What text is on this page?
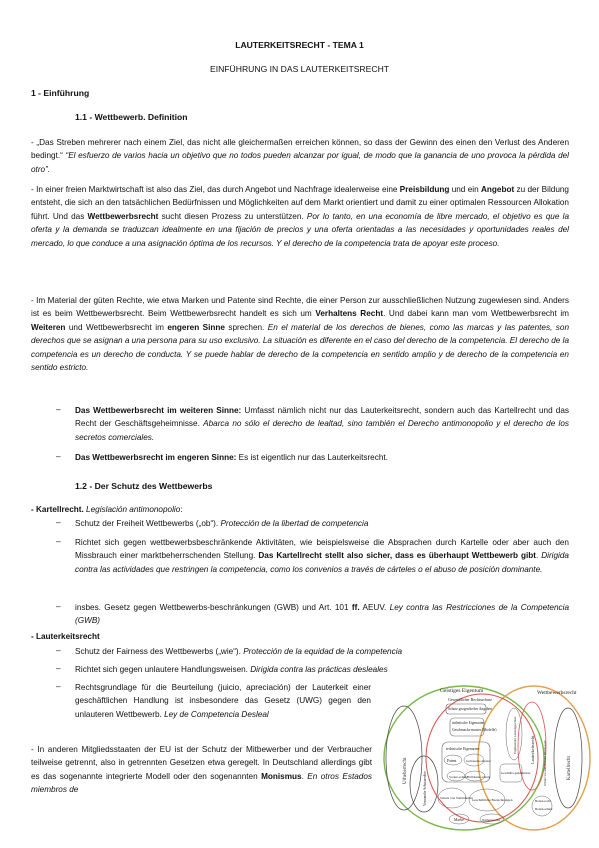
LAUTERKEITSRECHT - TEMA 1
EINFÜHRUNG IN DAS LAUTERKEITSRECHT
1 - Einführung
1.1 - Wettbewerb. Definition
- „Das Streben mehrerer nach einem Ziel, das nicht alle gleichermaßen erreichen können, so dass der Gewinn des einen den Verlust des Anderen bedingt.“ “El esfuerzo de varios hacia un objetivo que no todos pueden alcanzar por igual, de modo que la ganancia de uno provoca la pérdida del otro”.
- In einer freien Marktwirtschaft ist also das Ziel, das durch Angebot und Nachfrage idealerweise eine Preisbildung und ein Angebot zu der Bildung entsteht, die sich an den tatsächlichen Bedürfnissen und Möglichkeiten auf dem Markt orientiert und damit zu einer optimalen Ressourcen Allokation führt. Und das Wettbewerbsrecht sucht diesen Prozess zu unterstützen. Por lo tanto, en una economía de libre mercado, el objetivo es que la oferta y la demanda se traduzcan idealmente en una fijación de precios y una oferta orientadas a las necesidades y oportunidades reales del mercado, lo que conduce a una asignación óptima de los recursos. Y el derecho de la competencia trata de apoyar este proceso.
- Im Material der güten Rechte, wie etwa Marken und Patente sind Rechte, die einer Person zur ausschließlichen Nutzung zugewiesen sind. Anders ist es beim Wettbewerbsrecht. Beim Wettbewerbsrecht handelt es sich um Verhaltens Recht. Und dabei kann man vom Wettbewerbsrecht im Weiteren und Wettbewerbsrecht im engeren Sinne sprechen. En el material de los derechos de bienes, como las marcas y las patentes, son derechos que se asignan a una persona para su uso exclusivo. La situación es diferente en el caso del derecho de la competencia. El derecho de la competencia es un derecho de conducta. Y se puede hablar de derecho de la competencia en sentido amplio y de derecho de la competencia en sentido estricto.
– Das Wettbewerbsrecht im weiteren Sinne: Umfasst nämlich nicht nur das Lauterkeitsrecht, sondern auch das Kartellrecht und das Recht der Geschäftsgeheimnisse. Abarca no sólo el derecho de lealtad, sino también el Derecho antimonopolio y el derecho de los secretos comerciales.
– Das Wettbewerbsrecht im engeren Sinne: Es ist eigentlich nur das Lauterkeitsrecht.
1.2 - Der Schutz des Wettbewerbs
- Kartellrecht. Legislación antimonopolio:
– Schutz der Freiheit Wettbewerbs („ob“). Protección de la libertad de competencia
– Richtet sich gegen wettbewerbsbeschränkende Aktivitäten, wie beispielsweise die Absprachen durch Kartelle oder aber auch den Missbrauch einer marktbeherrschenden Stellung. Das Kartellrecht stellt also sicher, dass es überhaupt Wettbewerb gibt. Dirigida contra las actividades que restringen la competencia, como los convenios a través de cárteles o el abuso de posición dominante.
– insbes. Gesetz gegen Wettbewerbs-beschränkungen (GWB) und Art. 101 ff. AEUV. Ley contra las Restricciones de la Competencia (GWB)
- Lauterkeitsrecht
– Schutz der Fairness des Wettbewerbs („wie“). Protección de la equidad de la competencia
– Richtet sich gegen unlautere Handlungsweisen. Dirigida contra las prácticas desleales
– Rechtsgrundlage für die Beurteilung (juicio, apreciación) der Lauterkeit einer geschäftlichen Handlung ist insbesondere das Gesetz (UWG) gegen den unlauteren Wettbewerb. Ley de Competencia Desleal
- In anderen Mitgliedsstaaten der EU ist der Schutz der Mitbewerber und der Verbraucher teilweise getrennt, also in getrennten Gesetzen etwa geregelt. In Deutschland allerdings gibt es das sogenannte integrierte Modell oder den sogenannten Monismus. En otros Estados miembros de
Geistiges Eigentum	Wettbewerbsrecht
Gewerblicher Rechtsschutz
Schutz geografischer Angaben
ästhetische Eigenarten
Geschmacks-muster (Modelle)
technische Eigenarten
Patent	Gebrauchs-muster
Sorten-schutz Halbleiter-schutz
Schutz von Webinhalten Geschäftliche Bezeichnungen
Marke	Namensrecht
Geschäfts-geheimnisse
Boden-recht
Boden-schutz
Urheberrecht
Verwandte Schutzrechte
Lauterkeitsrecht
Ergänzender Leistungsschutz
Schutz vor anlehnender Wettbewerb	Kartellrecht
